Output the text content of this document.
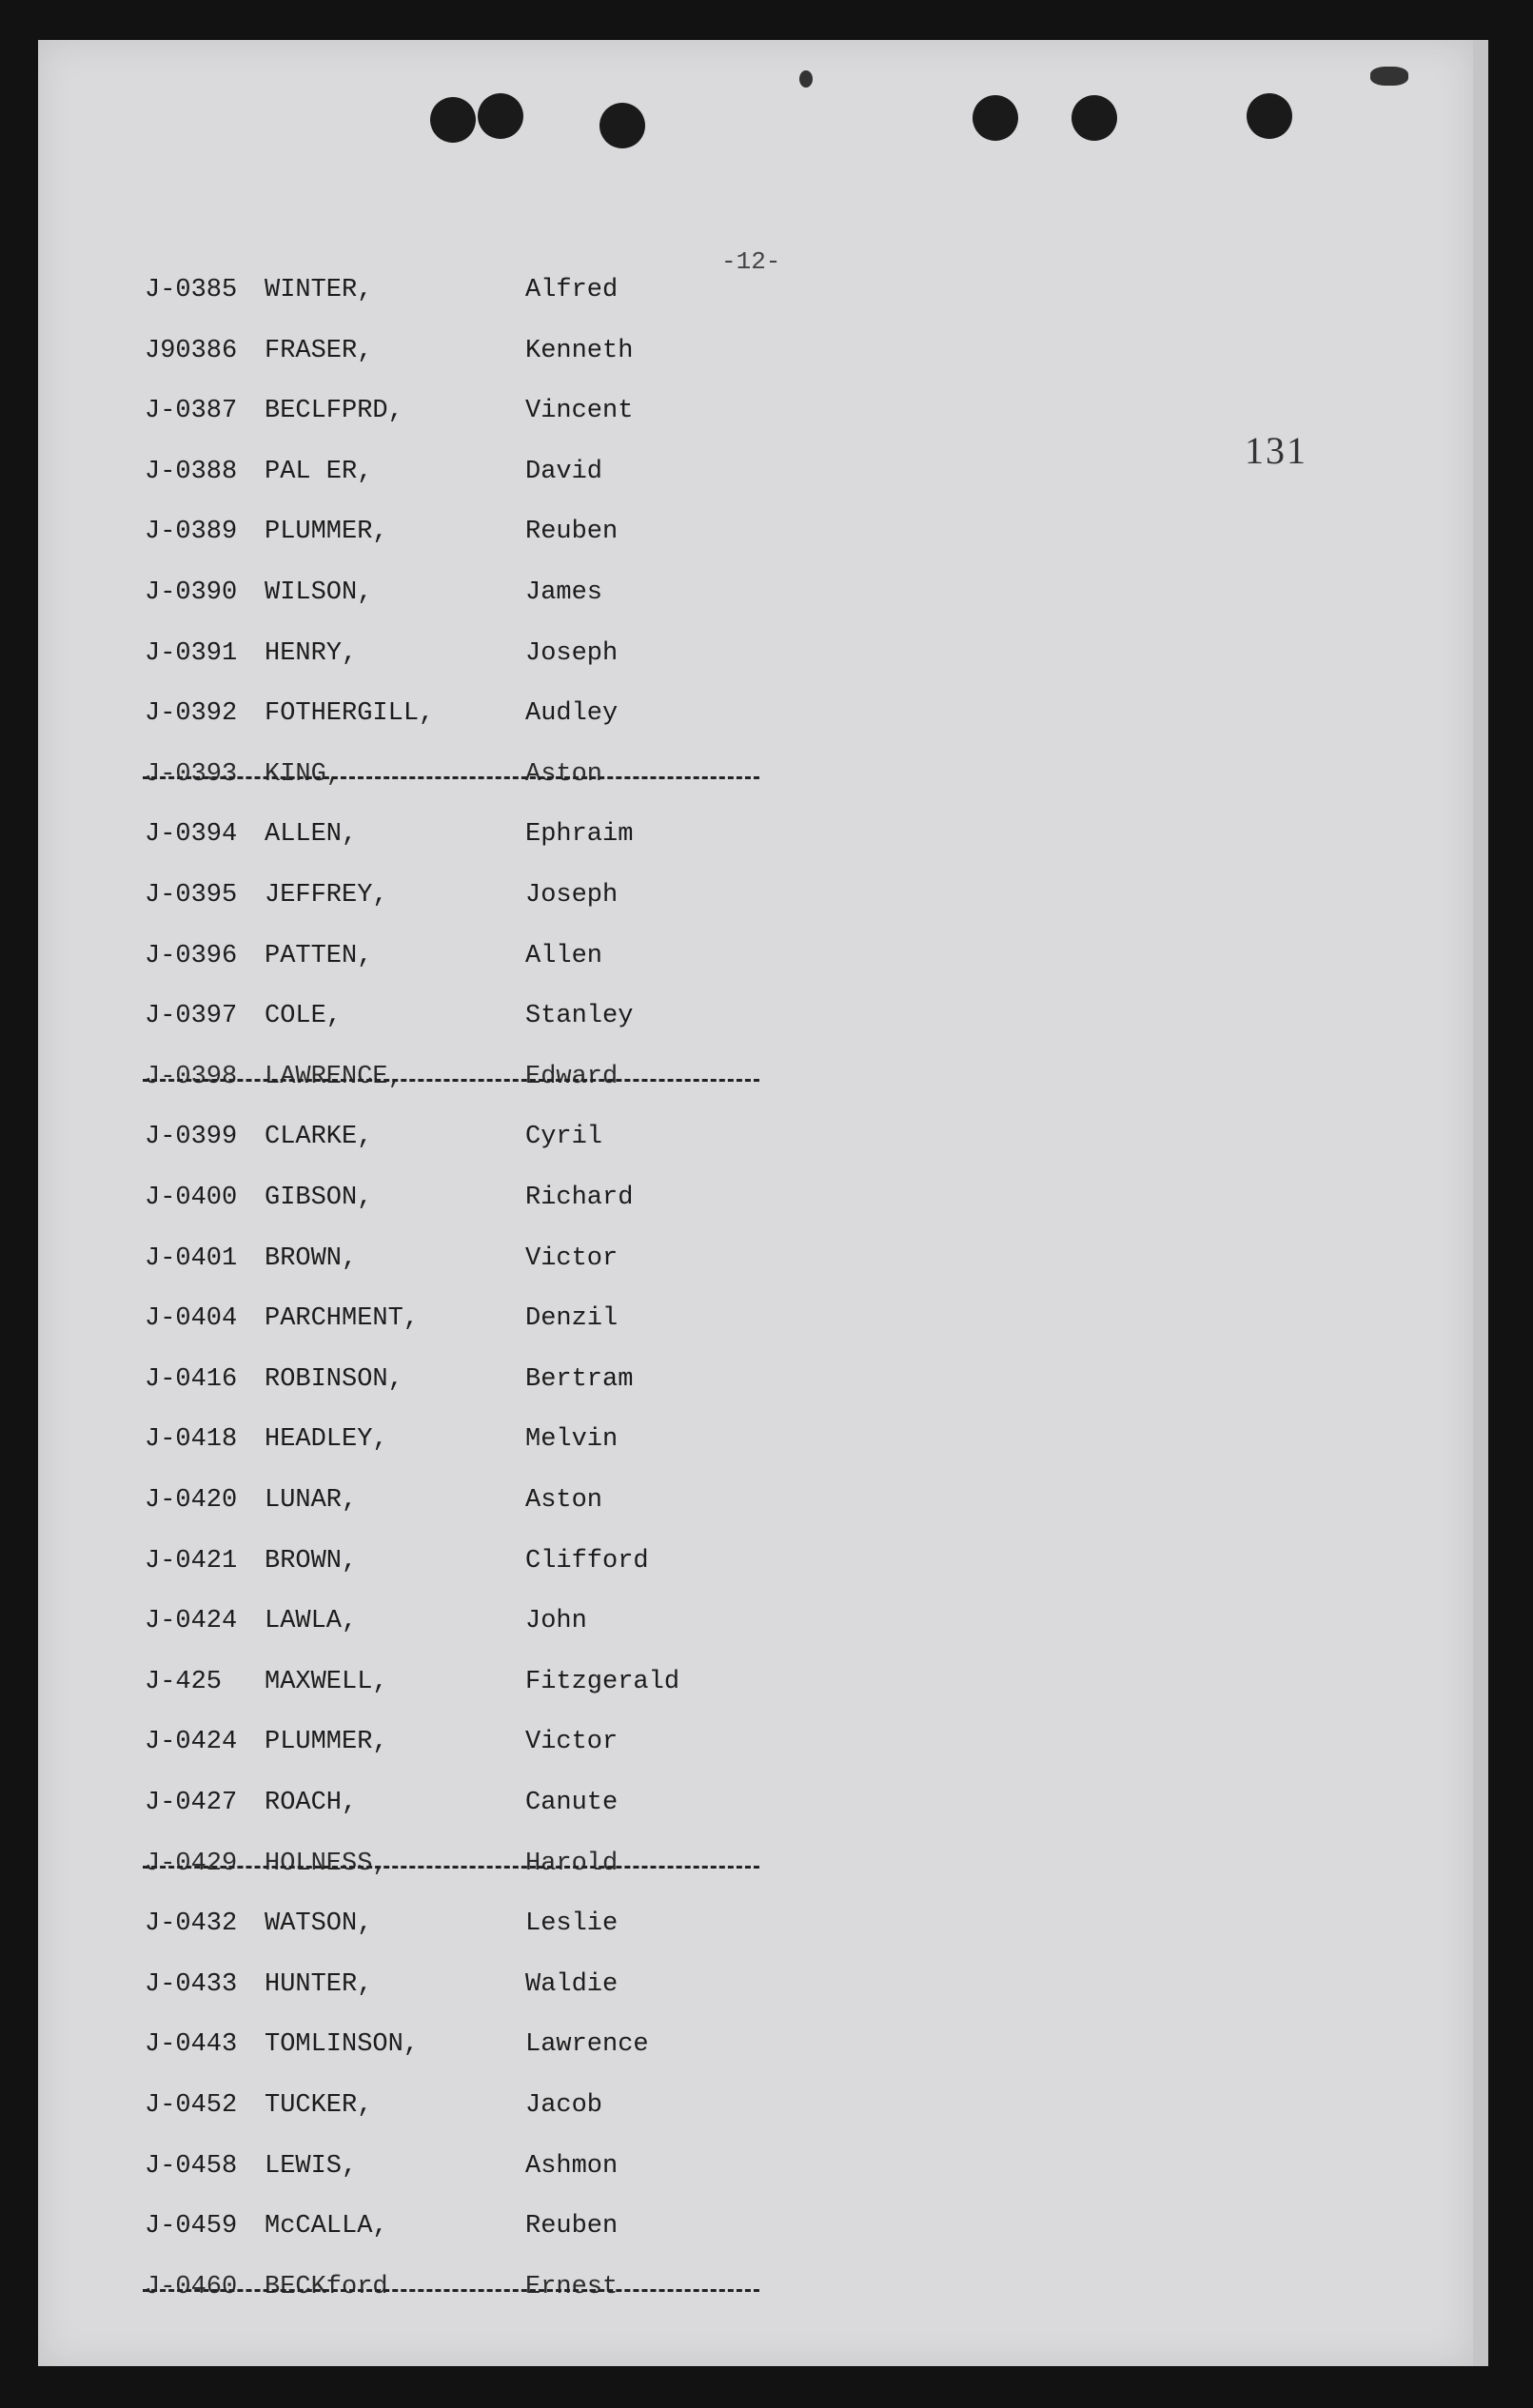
-12-
131
J-0385 WINTER,	Alfred
J90386 FRASER,	Kenneth
J-0387 BECLFPRD,	Vincent
J-0388 PAL ER,	David
J-0389 PLUMMER,	Reuben
J-0390 WILSON,	James
J-0391 HENRY,	Joseph
J-0392 FOTHERGILL,	Audley
J-0393 KING,	Aston
J-0394 ALLEN,	Ephraim
J-0395 JEFFREY,	Joseph
J-0396 PATTEN,	Allen
J-0397 COLE,	Stanley
J-0398 LAWRENCE,	Edward
J-0399 CLARKE,	Cyril
J-0400 GIBSON,	Richard
J-0401 BROWN,	Victor
J-0404 PARCHMENT,	Denzil
J-0416 ROBINSON,	Bertram
J-0418 HEADLEY,	Melvin
J-0420 LUNAR,	Aston
J-0421 BROWN,	Clifford
J-0424 LAWLA,	John
J-425 MAXWELL,	Fitzgerald
J-0424 PLUMMER,	Victor
J-0427 ROACH,	Canute
J-0429 HOLNESS,	Harold
J-0432 WATSON,	Leslie
J-0433 HUNTER,	Waldie
J-0443 TOMLINSON,	Lawrence
J-0452 TUCKER,	Jacob
J-0458 LEWIS,	Ashmon
J-0459 McCALLA,	Reuben
J-0460 BECKford	Ernest
